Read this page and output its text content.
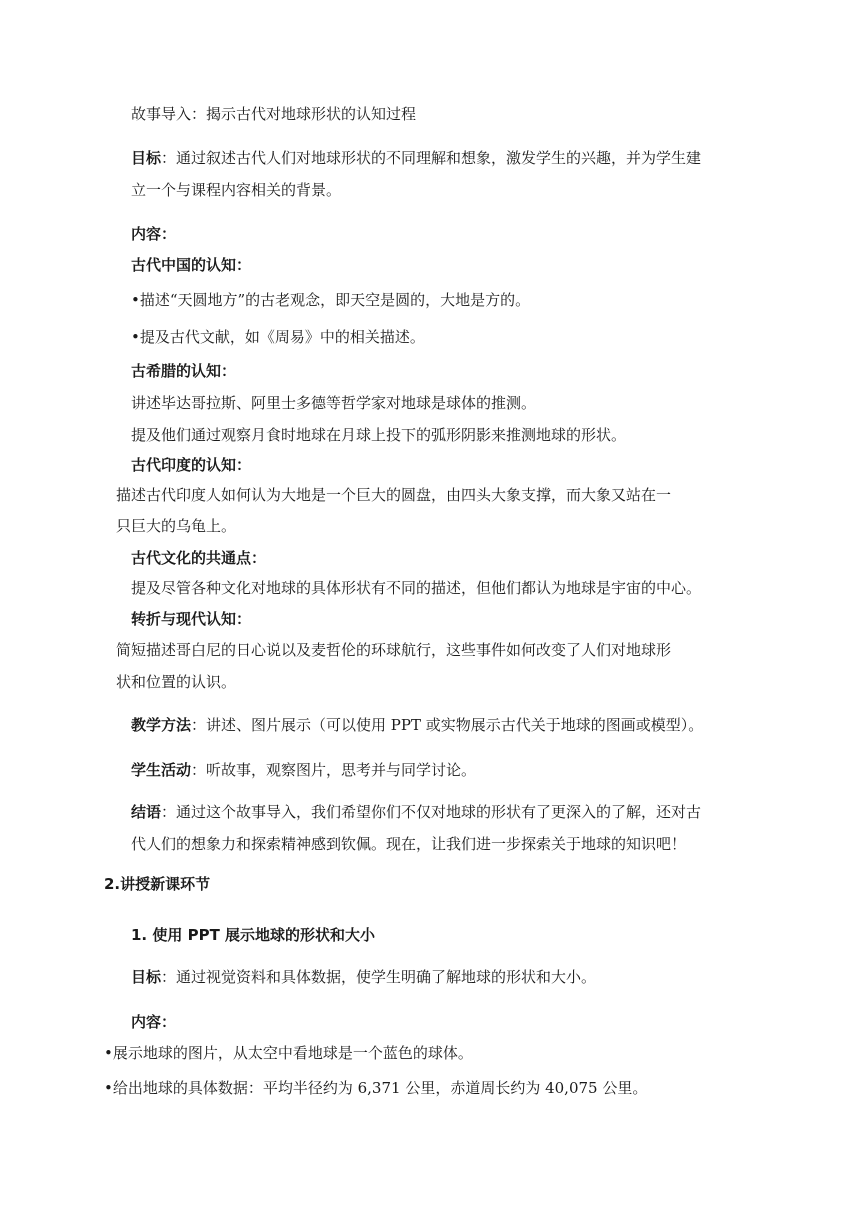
故事导入：揭示古代对地球形状的认知过程
目标：通过叙述古代人们对地球形状的不同理解和想象，激发学生的兴趣，并为学生建
立一个与课程内容相关的背景。
内容：
古代中国的认知：
•描述“天圆地方”的古老观念，即天空是圆的，大地是方的。
•提及古代文献，如《周易》中的相关描述。
古希腊的认知：
讲述毕达哥拉斯、阿里士多德等哲学家对地球是球体的推测。
提及他们通过观察月食时地球在月球上投下的弧形阴影来推测地球的形状。
古代印度的认知：
描述古代印度人如何认为大地是一个巨大的圆盘，由四头大象支撑，而大象又站在一
只巨大的乌龟上。
古代文化的共通点：
提及尽管各种文化对地球的具体形状有不同的描述，但他们都认为地球是宇宙的中心。
转折与现代认知：
简短描述哥白尼的日心说以及麦哲伦的环球航行，这些事件如何改变了人们对地球形
状和位置的认识。
教学方法：讲述、图片展示（可以使用 PPT 或实物展示古代关于地球的图画或模型）。
学生活动：听故事，观察图片，思考并与同学讨论。
结语：通过这个故事导入，我们希望你们不仅对地球的形状有了更深入的了解，还对古
代人们的想象力和探索精神感到钦佩。现在，让我们进一步探索关于地球的知识吧！
2.讲授新课环节
1. 使用 PPT 展示地球的形状和大小
目标：通过视觉资料和具体数据，使学生明确了解地球的形状和大小。
内容：
•展示地球的图片，从太空中看地球是一个蓝色的球体。
•给出地球的具体数据：平均半径约为 6,371 公里，赤道周长约为 40,075 公里。
